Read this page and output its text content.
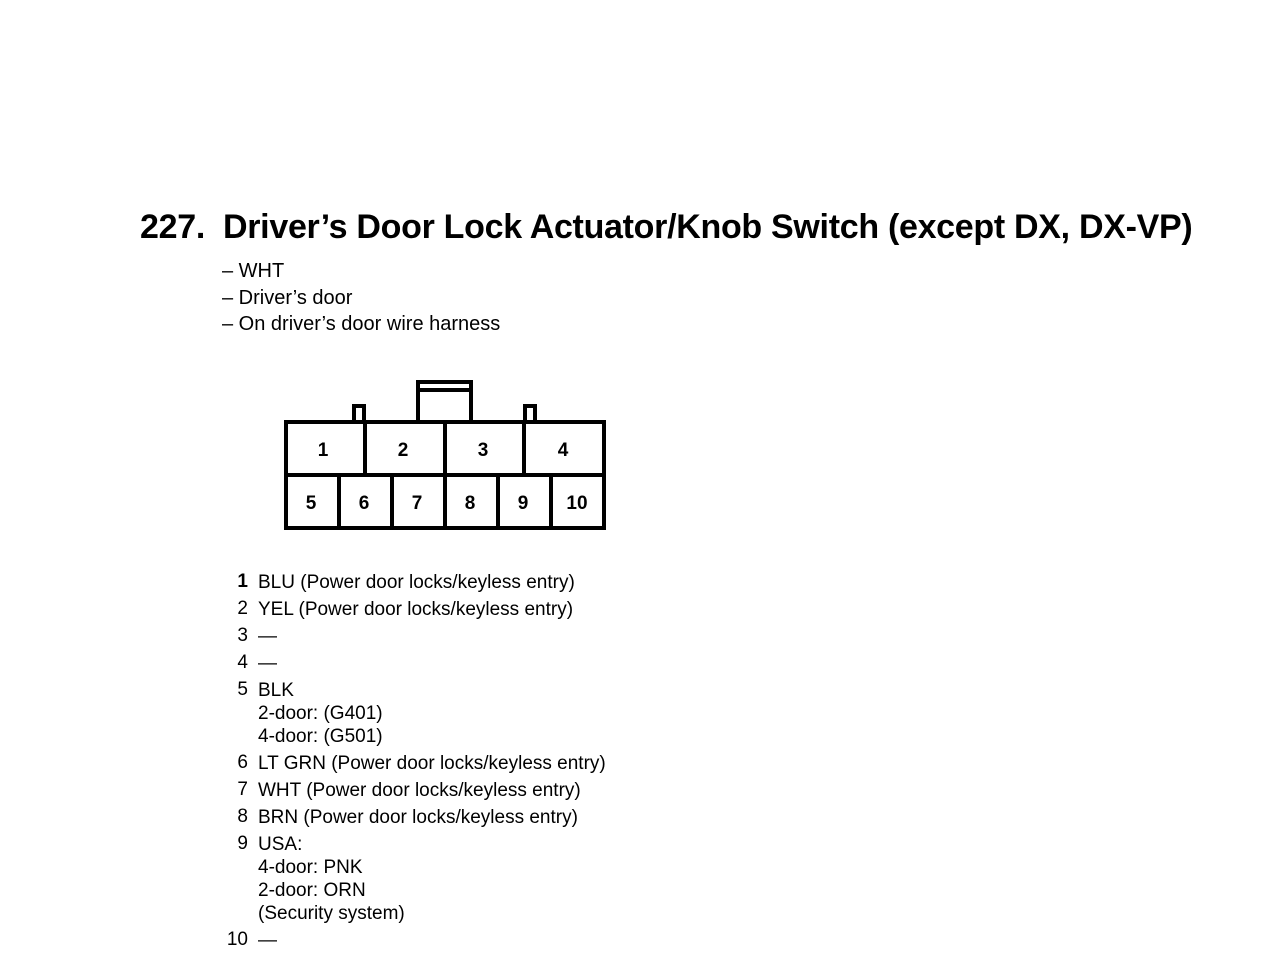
227. Driver’s Door Lock Actuator/Knob Switch (except DX, DX-VP)
– WHT
– Driver’s door
– On driver’s door wire harness
1	2	3	4
5 6 7 8 9 10
1 BLU (Power door locks/keyless entry)
2 YEL (Power door locks/keyless entry)
3 —
4 —
5 BLK
2-door: (G401)
4-door: (G501)
6 LT GRN (Power door locks/keyless entry)
7 WHT (Power door locks/keyless entry)
8 BRN (Power door locks/keyless entry)
9 USA:
4-door: PNK
2-door: ORN
(Security system)
10 —
